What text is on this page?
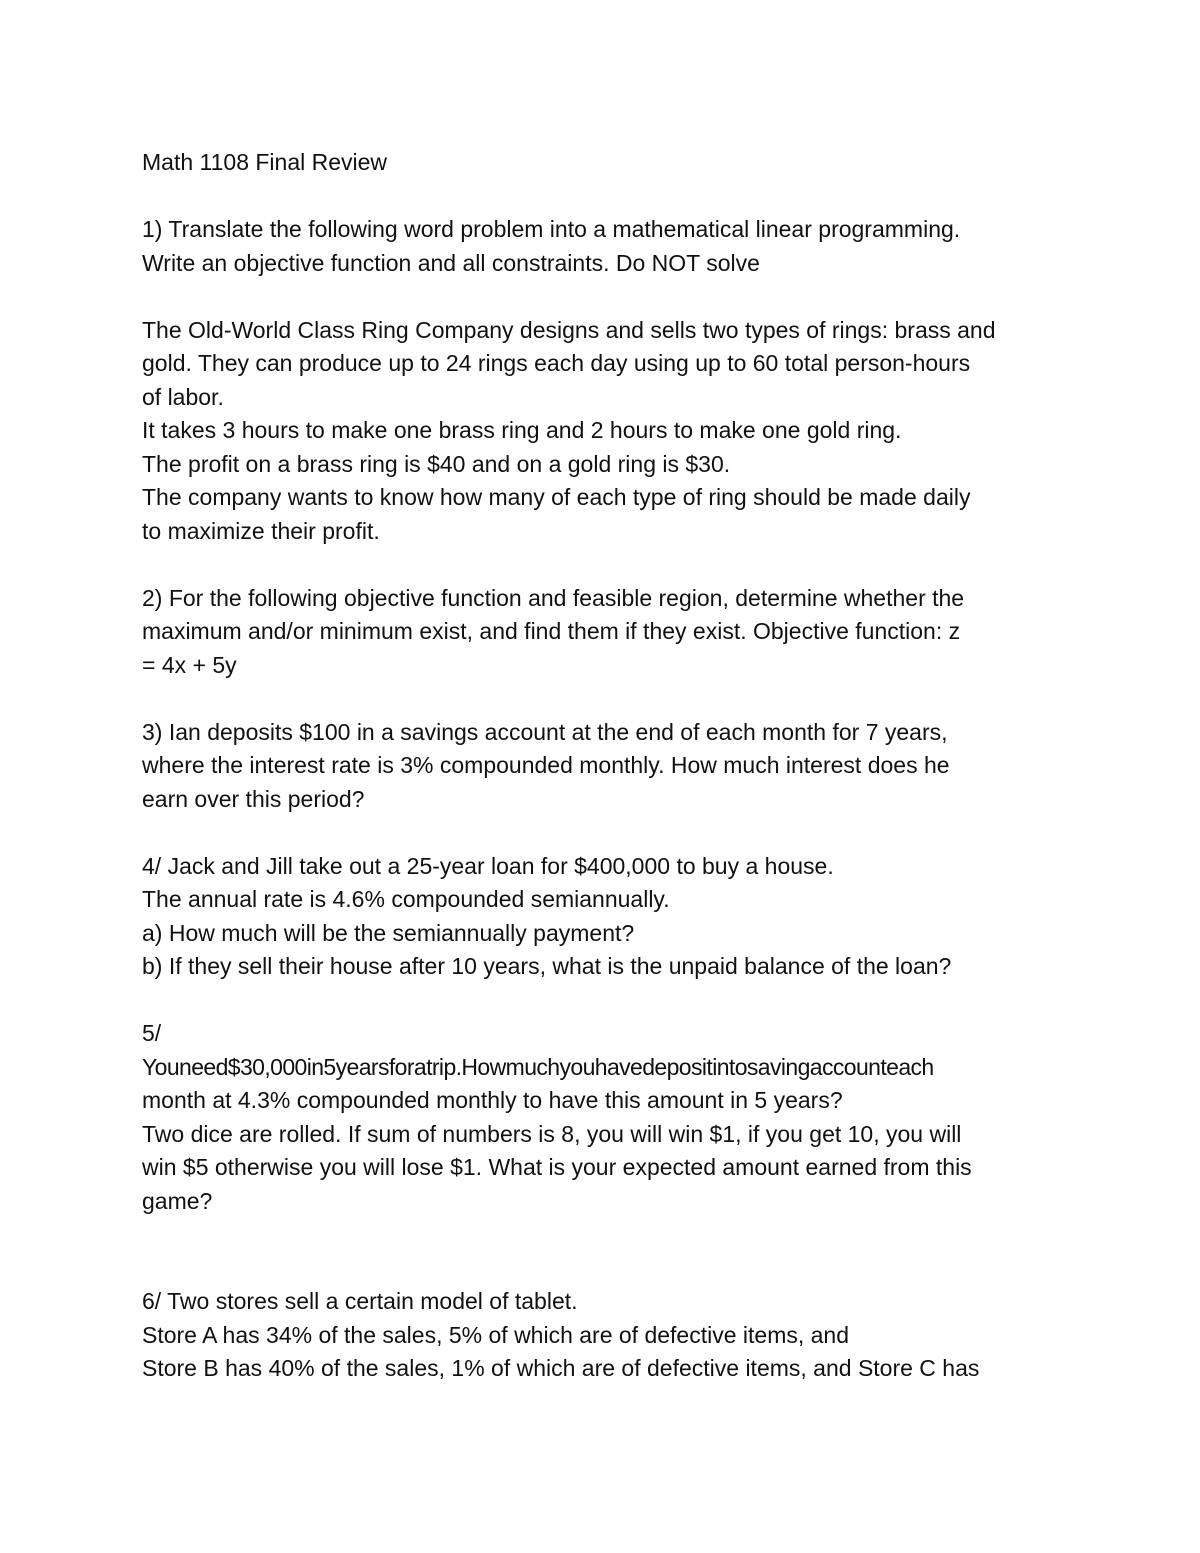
Math 1108 Final Review
1) Translate the following word problem into a mathematical linear programming.
Write an objective function and all constraints. Do NOT solve
The Old-World Class Ring Company designs and sells two types of rings: brass and
gold. They can produce up to 24 rings each day using up to 60 total person-hours
of labor.
It takes 3 hours to make one brass ring and 2 hours to make one gold ring.
The profit on a brass ring is $40 and on a gold ring is $30.
The company wants to know how many of each type of ring should be made daily
to maximize their profit.
2) For the following objective function and feasible region, determine whether the
maximum and/or minimum exist, and find them if they exist. Objective function: z
= 4x + 5y
3) Ian deposits $100 in a savings account at the end of each month for 7 years,
where the interest rate is 3% compounded monthly. How much interest does he
earn over this period?
4/ Jack and Jill take out a 25-year loan for $400,000 to buy a house.
The annual rate is 4.6% compounded semiannually.
a) How much will be the semiannually payment?
b) If they sell their house after 10 years, what is the unpaid balance of the loan?
5/
Youneed$30,000in5yearsforatrip.Howmuchyouhavedepositintosavingaccounteach
month at 4.3% compounded monthly to have this amount in 5 years?
Two dice are rolled. If sum of numbers is 8, you will win $1, if you get 10, you will
win $5 otherwise you will lose $1. What is your expected amount earned from this
game?
6/ Two stores sell a certain model of tablet.
Store A has 34% of the sales, 5% of which are of defective items, and
Store B has 40% of the sales, 1% of which are of defective items, and Store C has
